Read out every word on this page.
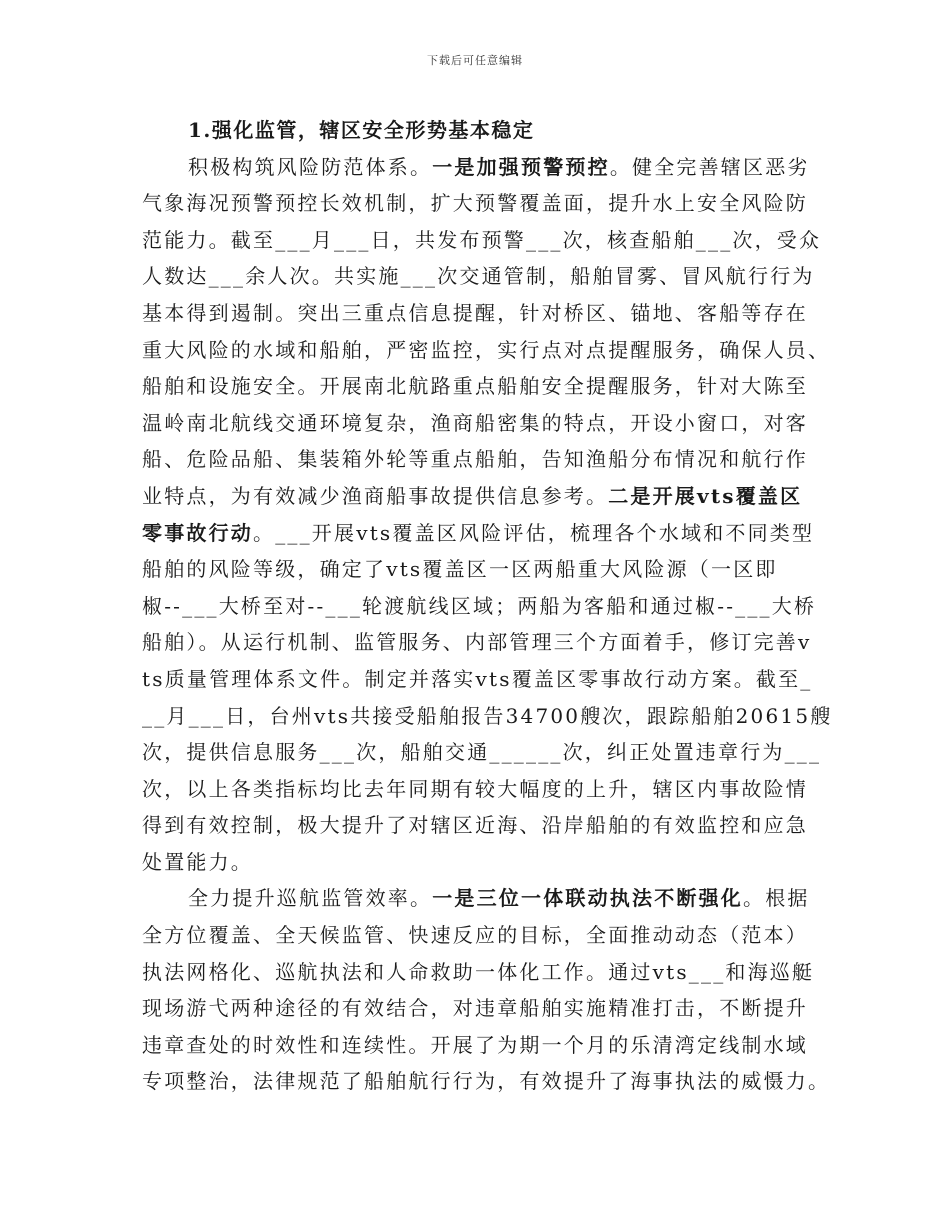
下载后可任意编辑
1.强化监管，辖区安全形势基本稳定
积极构筑风险防范体系。一是加强预警预控。健全完善辖区恶劣
气象海况预警预控长效机制，扩大预警覆盖面，提升水上安全风险防
范能力。截至___月___日，共发布预警___次，核查船舶___次，受众
人数达___余人次。共实施___次交通管制，船舶冒雾、冒风航行行为
基本得到遏制。突出三重点信息提醒，针对桥区、锚地、客船等存在
重大风险的水域和船舶，严密监控，实行点对点提醒服务，确保人员、
船舶和设施安全。开展南北航路重点船舶安全提醒服务，针对大陈至
温岭南北航线交通环境复杂，渔商船密集的特点，开设小窗口，对客
船、危险品船、集装箱外轮等重点船舶，告知渔船分布情况和航行作
业特点，为有效减少渔商船事故提供信息参考。二是开展vts覆盖区
零事故行动。___开展vts覆盖区风险评估，梳理各个水域和不同类型
船舶的风险等级，确定了vts覆盖区一区两船重大风险源（一区即
椒--___大桥至对--___轮渡航线区域；两船为客船和通过椒--___大桥
船舶）。从运行机制、监管服务、内部管理三个方面着手，修订完善v
ts质量管理体系文件。制定并落实vts覆盖区零事故行动方案。截至_
__月___日，台州vts共接受船舶报告34700艘次，跟踪船舶20615艘
次，提供信息服务___次，船舶交通______次，纠正处置违章行为___
次，以上各类指标均比去年同期有较大幅度的上升，辖区内事故险情
得到有效控制，极大提升了对辖区近海、沿岸船舶的有效监控和应急
处置能力。
全力提升巡航监管效率。一是三位一体联动执法不断强化。根据
全方位覆盖、全天候监管、快速反应的目标，全面推动动态（范本）
执法网格化、巡航执法和人命救助一体化工作。通过vts___和海巡艇
现场游弋两种途径的有效结合，对违章船舶实施精准打击，不断提升
违章查处的时效性和连续性。开展了为期一个月的乐清湾定线制水域
专项整治，法律规范了船舶航行行为，有效提升了海事执法的威慑力。
